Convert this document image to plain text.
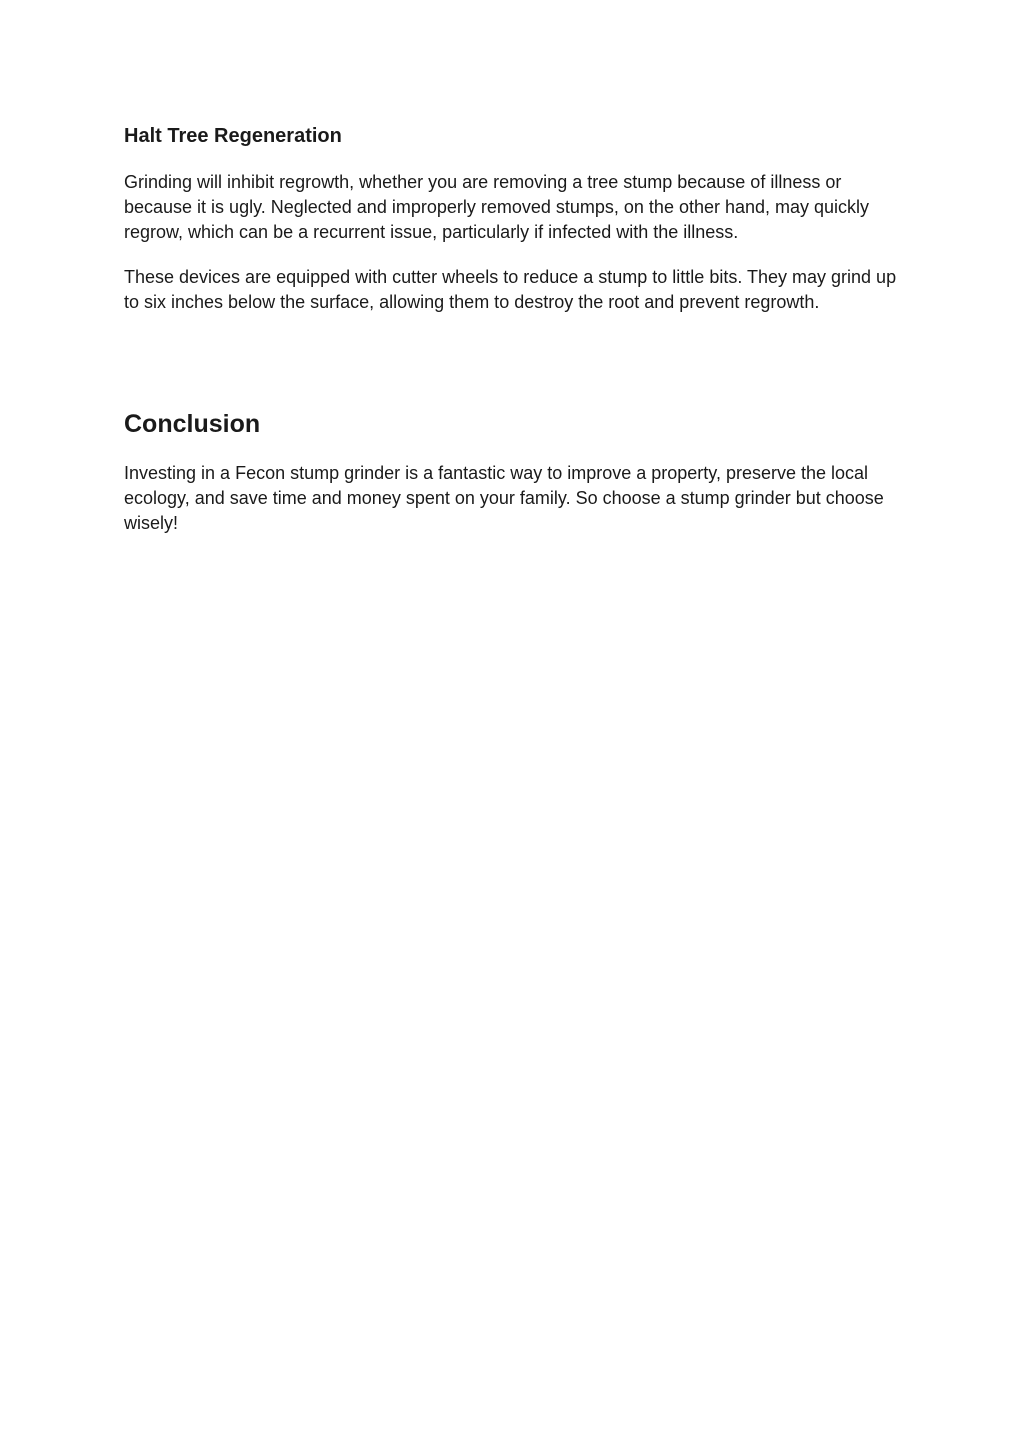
Halt Tree Regeneration

Grinding will inhibit regrowth, whether you are removing a tree stump because of illness or because it is ugly. Neglected and improperly removed stumps, on the other hand, may quickly regrow, which can be a recurrent issue, particularly if infected with the illness.

These devices are equipped with cutter wheels to reduce a stump to little bits. They may grind up to six inches below the surface, allowing them to destroy the root and prevent regrowth.

Conclusion

Investing in a Fecon stump grinder is a fantastic way to improve a property, preserve the local ecology, and save time and money spent on your family. So choose a stump grinder but choose wisely!
